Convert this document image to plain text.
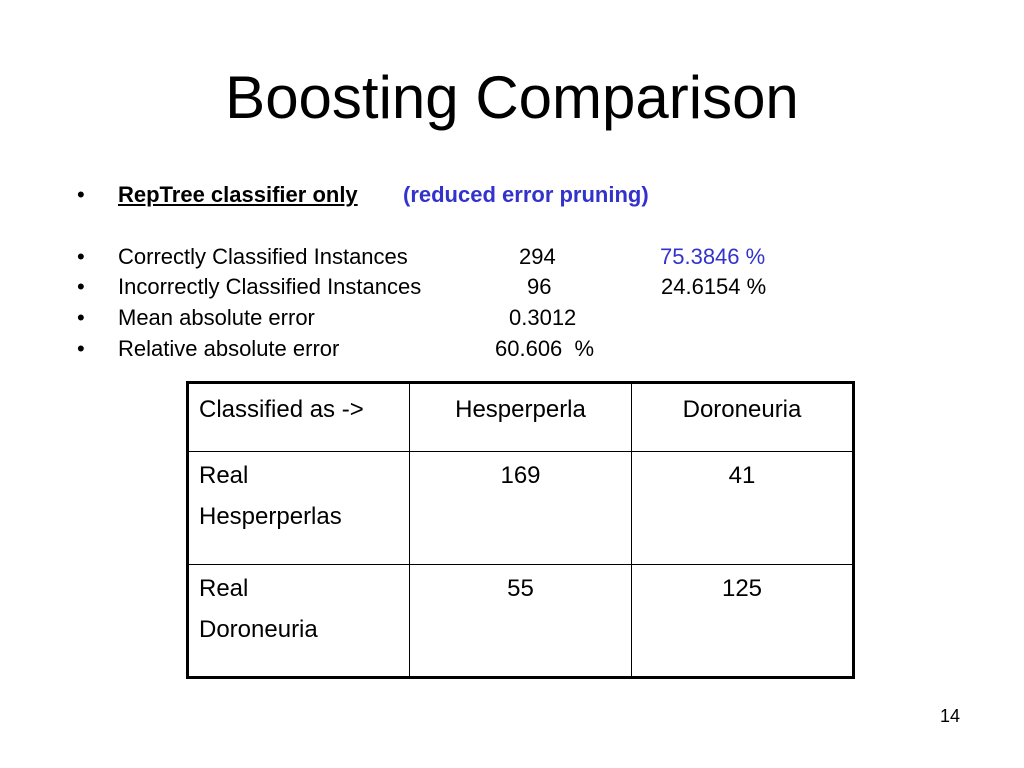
Boosting Comparison
• RepTree classifier only (reduced error pruning)
• Correctly Classified Instances	294	75.3846 %
• Incorrectly Classified Instances	96	24.6154 %
• Mean absolute error	0.3012
• Relative absolute error	60.606  %
Classified as ->	Hesperperla	Doroneuria

Real
Hesperperlas	169	41

Real
Doroneuria	55	125
14
